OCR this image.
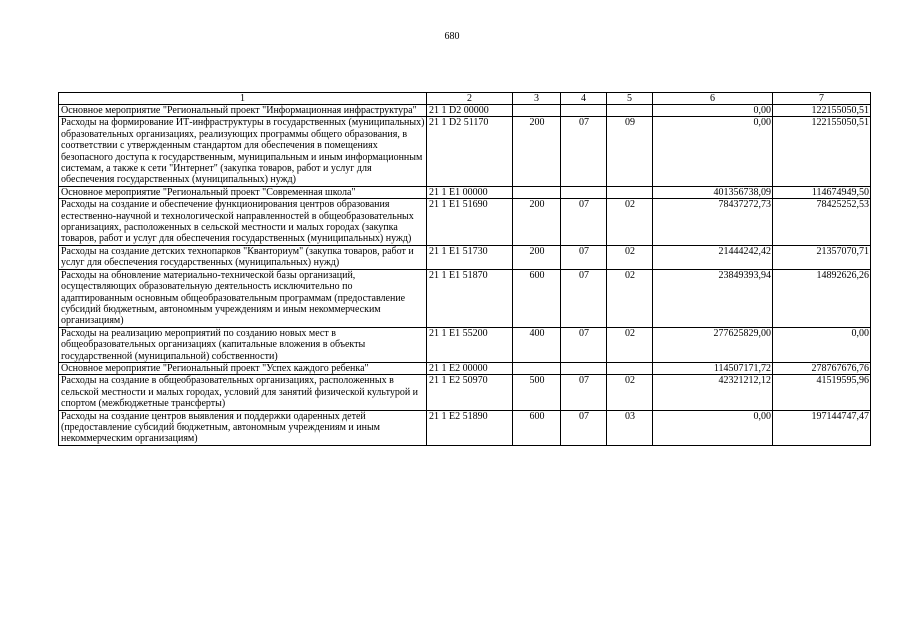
680
1	2	3	4	5	6	7
Основное мероприятие "Региональный проект "Информационная инфраструктура"	21 1 D2 00000				0,00	122155050,51
Расходы на формирование ИТ-инфраструктуры в государственных (муниципальных) образовательных организациях, реализующих программы общего образования, в соответствии с утвержденным стандартом для обеспечения в помещениях безопасного доступа к государственным, муниципальным и иным информационным системам, а также к сети "Интернет" (закупка товаров, работ и услуг для обеспечения государственных (муниципальных) нужд)	21 1 D2 51170	200	07	09	0,00	122155050,51
Основное мероприятие "Региональный проект "Современная школа"	21 1 E1 00000				401356738,09	114674949,50
Расходы на создание и обеспечение функционирования центров образования естественно-научной и технологической направленностей в общеобразовательных организациях, расположенных в сельской местности и малых городах (закупка товаров, работ и услуг для обеспечения государственных (муниципальных) нужд)	21 1 E1 51690	200	07	02	78437272,73	78425252,53
Расходы на создание детских технопарков "Кванториум" (закупка товаров, работ и услуг для обеспечения государственных (муниципальных) нужд)	21 1 E1 51730	200	07	02	21444242,42	21357070,71
Расходы на обновление материально-технической базы организаций, осуществляющих образовательную деятельность исключительно по адаптированным основным общеобразовательным программам (предоставление субсидий бюджетным, автономным учреждениям и иным некоммерческим организациям)	21 1 E1 51870	600	07	02	23849393,94	14892626,26
Расходы на реализацию мероприятий по созданию новых мест в общеобразовательных организациях (капитальные вложения в объекты государственной (муниципальной) собственности)	21 1 E1 55200	400	07	02	277625829,00	0,00
Основное мероприятие "Региональный проект "Успех каждого ребенка"	21 1 E2 00000				114507171,72	278767676,76
Расходы на создание в общеобразовательных организациях, расположенных в сельской местности и малых городах, условий для занятий физической культурой и спортом (межбюджетные трансферты)	21 1 E2 50970	500	07	02	42321212,12	41519595,96
Расходы на создание центров выявления и поддержки одаренных детей (предоставление субсидий бюджетным, автономным учреждениям и иным некоммерческим организациям)	21 1 E2 51890	600	07	03	0,00	197144747,47
